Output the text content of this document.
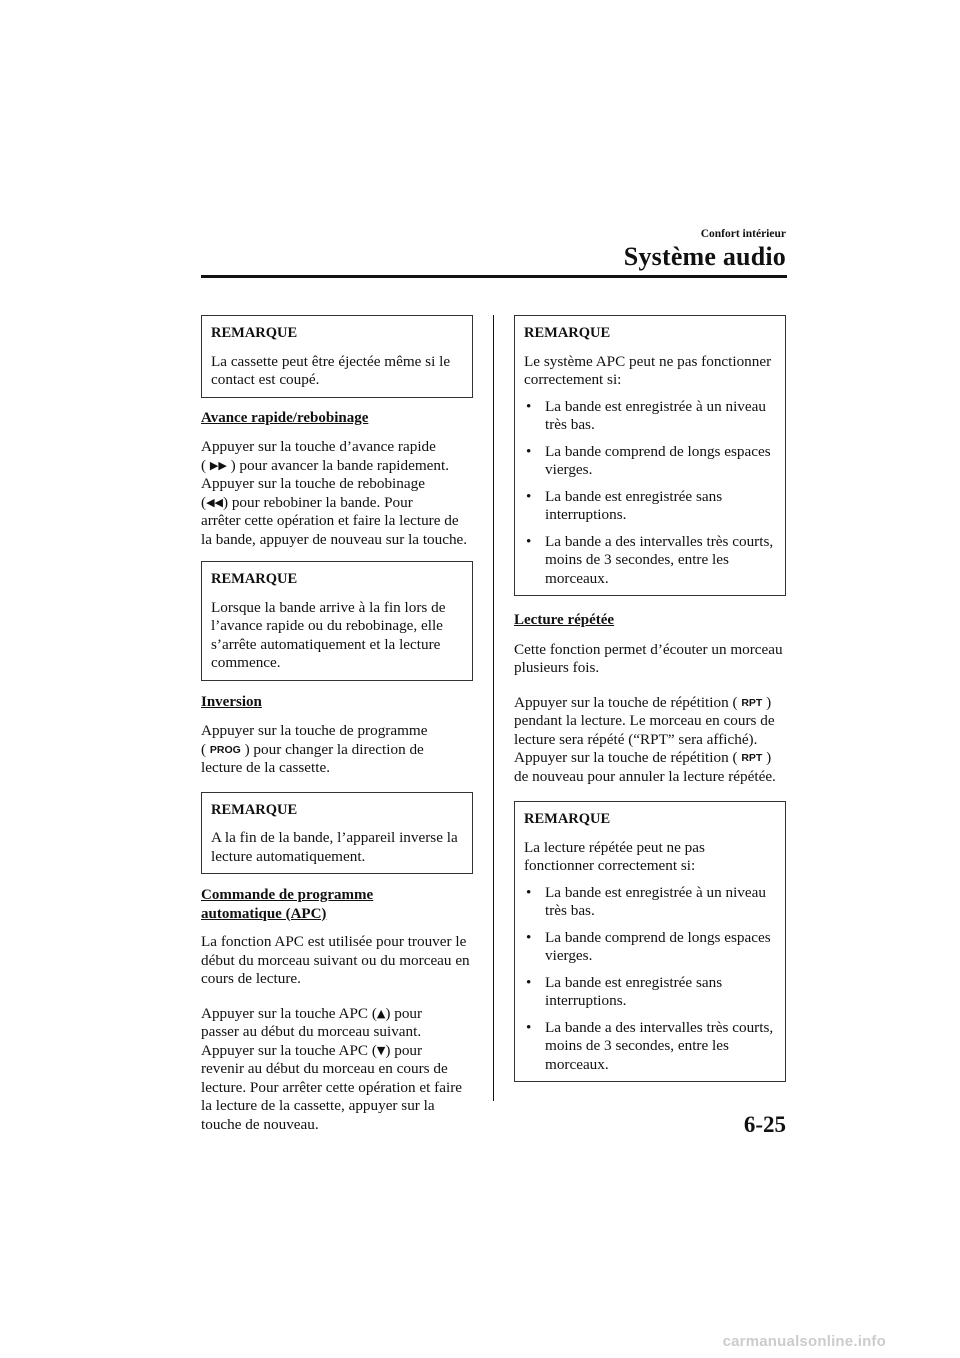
Confort intérieur
Système audio
REMARQUE

La cassette peut être éjectée même si le contact est coupé.

Avance rapide/rebobinage
Appuyer sur la touche d’avance rapide
( ▶▶ ) pour avancer la bande rapidement.
Appuyer sur la touche de rebobinage
(◀◀) pour rebobiner la bande. Pour
arrêter cette opération et faire la lecture de
la bande, appuyer de nouveau sur la touche.
REMARQUE

Lorsque la bande arrive à la fin lors de l’avance rapide ou du rebobinage, elle s’arrête automatiquement et la lecture commence.

Inversion
Appuyer sur la touche de programme
( PROG ) pour changer la direction de
lecture de la cassette.
REMARQUE

A la fin de la bande, l’appareil inverse la lecture automatiquement.

Commande de programme
automatique (APC)

La fonction APC est utilisée pour trouver le début du morceau suivant ou du morceau en cours de lecture.

Appuyer sur la touche APC (▲) pour
passer au début du morceau suivant.
Appuyer sur la touche APC (▼) pour
revenir au début du morceau en cours de lecture. Pour arrêter cette opération et faire la lecture de la cassette, appuyer sur la touche de nouveau.
REMARQUE

Le système APC peut ne pas fonctionner correctement si:

• La bande est enregistrée à un niveau très bas.
• La bande comprend de longs espaces vierges.
• La bande est enregistrée sans interruptions.
• La bande a des intervalles très courts, moins de 3 secondes, entre les morceaux.
Lecture répétée

Cette fonction permet d’écouter un morceau plusieurs fois.

Appuyer sur la touche de répétition ( RPT )
pendant la lecture. Le morceau en cours de lecture sera répété (“RPT” sera affiché).
Appuyer sur la touche de répétition ( RPT )
de nouveau pour annuler la lecture répétée.
REMARQUE

La lecture répétée peut ne pas fonctionner correctement si:

• La bande est enregistrée à un niveau très bas.
• La bande comprend de longs espaces vierges.
• La bande est enregistrée sans interruptions.
• La bande a des intervalles très courts, moins de 3 secondes, entre les morceaux.
6-25
carmanualsonline.info
